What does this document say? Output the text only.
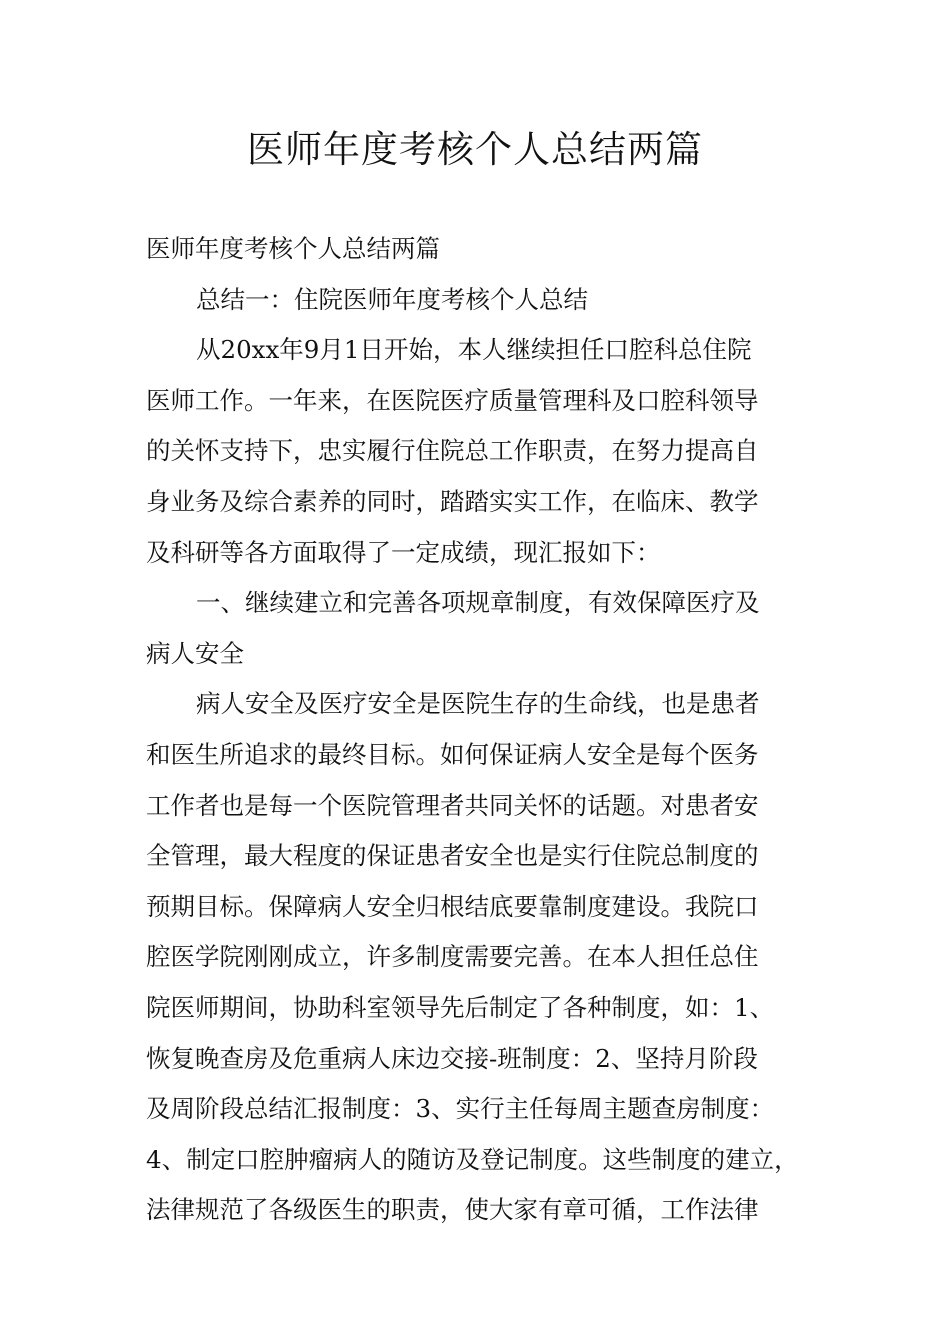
医师年度考核个人总结两篇
医师年度考核个人总结两篇
总结一：住院医师年度考核个人总结
从20xx年9月1日开始，本人继续担任口腔科总住院
医师工作。一年来，在医院医疗质量管理科及口腔科领导
的关怀支持下，忠实履行住院总工作职责，在努力提高自
身业务及综合素养的同时，踏踏实实工作，在临床、教学
及科研等各方面取得了一定成绩，现汇报如下：
一、继续建立和完善各项规章制度，有效保障医疗及
病人安全
病人安全及医疗安全是医院生存的生命线，也是患者
和医生所追求的最终目标。如何保证病人安全是每个医务
工作者也是每一个医院管理者共同关怀的话题。对患者安
全管理，最大程度的保证患者安全也是实行住院总制度的
预期目标。保障病人安全归根结底要靠制度建设。我院口
腔医学院刚刚成立，许多制度需要完善。在本人担任总住
院医师期间，协助科室领导先后制定了各种制度，如：1、
恢复晚查房及危重病人床边交接-班制度：2、坚持月阶段
及周阶段总结汇报制度：3、实行主任每周主题查房制度：
4、制定口腔肿瘤病人的随访及登记制度。这些制度的建立，
法律规范了各级医生的职责，使大家有章可循，工作法律
